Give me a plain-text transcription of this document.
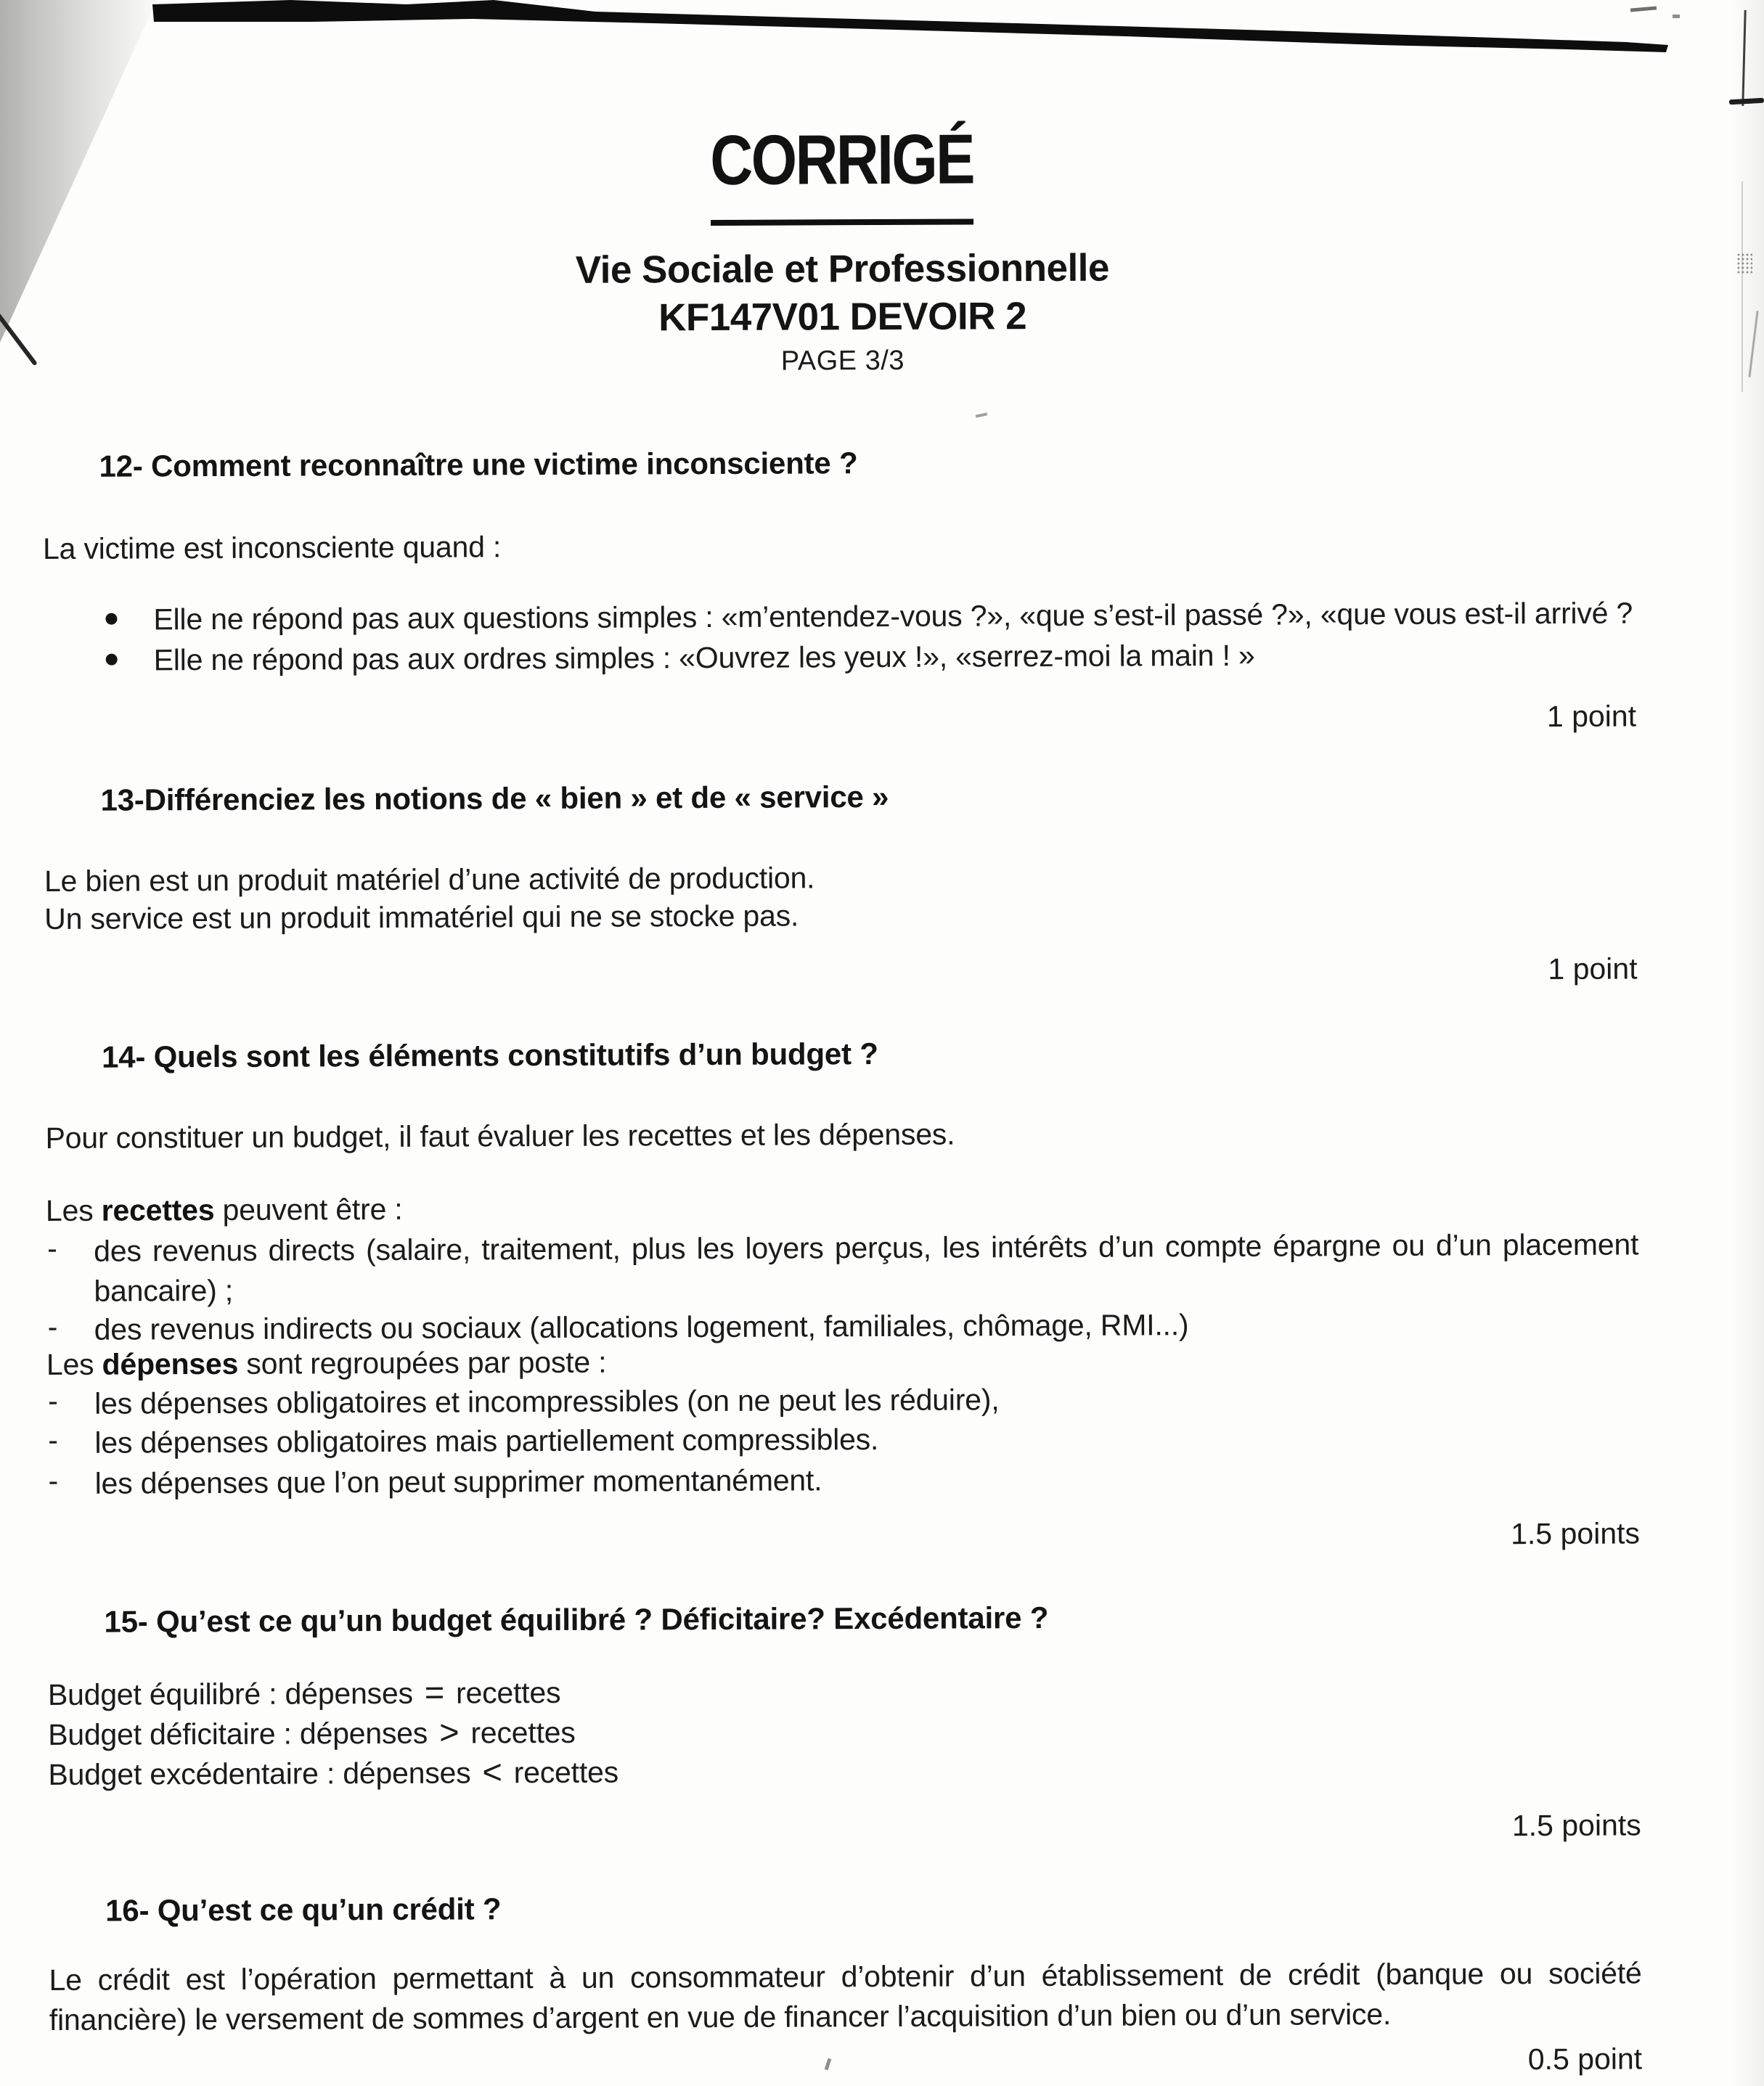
CORRIGÉ
Vie Sociale et Professionnelle
KF147V01 DEVOIR 2
PAGE 3/3
12- Comment reconnaître une victime inconsciente ?
La victime est inconsciente quand :
Elle ne répond pas aux questions simples : «m’entendez-vous ?», «que s’est-il passé ?», «que vous est-il arrivé ?
Elle ne répond pas aux ordres simples : «Ouvrez les yeux !», «serrez-moi la main ! »
1 point
13-Différenciez les notions de « bien » et de « service »
Le bien est un produit matériel d’une activité de production.
Un service est un produit immatériel qui ne se stocke pas.
1 point
14- Quels sont les éléments constitutifs d’un budget ?
Pour constituer un budget, il faut évaluer les recettes et les dépenses.
Les recettes peuvent être :
- des revenus directs (salaire, traitement, plus les loyers perçus, les intérêts d’un compte épargne ou d’un placement bancaire) ;
- des revenus indirects ou sociaux (allocations logement, familiales, chômage, RMI...)
Les dépenses sont regroupées par poste :
- les dépenses obligatoires et incompressibles (on ne peut les réduire),
- les dépenses obligatoires mais partiellement compressibles.
- les dépenses que l’on peut supprimer momentanément.
1.5 points
15- Qu’est ce qu’un budget équilibré ? Déficitaire? Excédentaire ?
Budget équilibré : dépenses = recettes
Budget déficitaire : dépenses > recettes
Budget excédentaire : dépenses < recettes
1.5 points
16- Qu’est ce qu’un crédit ?
Le crédit est l’opération permettant à un consommateur d’obtenir d’un établissement de crédit (banque ou société financière) le versement de sommes d’argent en vue de financer l’acquisition d’un bien ou d’un service.
0.5 point
